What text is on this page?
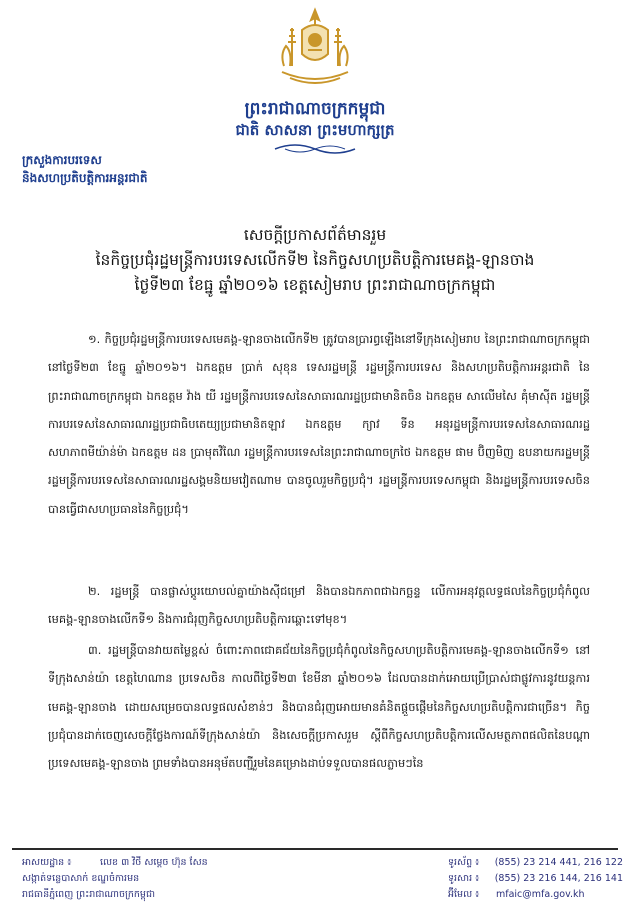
ព្រះរាជាណាចក្រកម្ពុជា
ជាតិ សាសនា ព្រះមហាក្សត្រ
ក្រសួងការបរទេស
និងសហប្រតិបត្តិការអន្តរជាតិ
សេចក្តីប្រកាសព័ត៌មានរួម
នៃកិច្ចប្រជុំរដ្ឋមន្ត្រីការបរទេសលើកទី២ នៃកិច្ចសហប្រតិបត្តិការមេគង្គ-ឡានចាង
ថ្ងៃទី២៣ ខែធ្នូ ឆ្នាំ២០១៦ ខេត្តសៀមរាប ព្រះរាជាណាចក្រកម្ពុជា

១. កិច្ចប្រជុំរដ្ឋមន្ត្រីការបរទេសមេគង្គ-ឡានចាងលើកទី២ ត្រូវបានប្រារព្ធឡើងនៅទីក្រុងសៀមរាប នៃព្រះរាជាណាចក្រកម្ពុជា នៅថ្ងៃទី២៣ ខែធ្នូ ឆ្នាំ២០១៦។ ឯកឧត្តម ប្រាក់ សុខុន ទេសរដ្ឋមន្ត្រី រដ្ឋមន្ត្រីការបរទេស និងសហប្រតិបត្តិការអន្តរជាតិ នៃព្រះរាជាណាចក្រកម្ពុជា ឯកឧត្តម វ៉ាង យី រដ្ឋមន្ត្រីការបរទេសនៃសាធារណរដ្ឋប្រជាមានិតចិន ឯកឧត្តម សាលើមសៃ គុំមាស៊ីត រដ្ឋមន្ត្រីការបរទេសនៃសាធារណរដ្ឋប្រជាធិបតេយ្យប្រជាមានិតឡាវ ឯកឧត្តម ក្យាវ ទីន អនុរដ្ឋមន្ត្រីការបរទេសនៃសាធារណរដ្ឋសហភាពមីយ៉ាន់ម៉ា ឯកឧត្តម ដន ប្រាមុតវិណៃ រដ្ឋមន្ត្រីការបរទេសនៃព្រះរាជាណាចក្រថៃ ឯកឧត្តម ផាម ប៊ិញមិញ ឧបនាយករដ្ឋមន្ត្រី រដ្ឋមន្ត្រីការបរទេសនៃសាធារណរដ្ឋសង្គមនិយមវៀតណាម បានចូលរួមកិច្ចប្រជុំ។ រដ្ឋមន្ត្រីការបរទេសកម្ពុជា និងរដ្ឋមន្ត្រីការបរទេសចិន បានធ្វើជាសហប្រធាននៃកិច្ចប្រជុំ។

២. រដ្ឋមន្ត្រី បានផ្លាស់ប្តូរយោបល់គ្នាយ៉ាងស៊ីជម្រៅ និងបានឯកភាពជាឯកច្ឆន្ទ លើការអនុវត្តលទ្ធផលនៃកិច្ចប្រជុំកំពូលមេគង្គ-ឡានចាងលើកទី១ និងការជំរុញកិច្ចសហប្រតិបត្តិការឆ្ពោះទៅមុខ។

៣. រដ្ឋមន្ត្រីបានវាយតម្លៃខ្ពស់ ចំពោះភាពជោគជ័យនៃកិច្ចប្រជុំកំពូលនៃកិច្ចសហប្រតិបត្តិការមេគង្គ-ឡានចាងលើកទី១ នៅទីក្រុងសាន់យ៉ា ខេត្តហៃណាន ប្រទេសចិន កាលពីថ្ងៃទី២៣ ខែមីនា ឆ្នាំ២០១៦ ដែលបានដាក់អោយប្រើប្រាស់ជាផ្លូវការនូវយន្តការមេគង្គ-ឡានចាង ដោយសម្រេចបានលទ្ធផលសំខាន់ៗ និងបានជំរុញអោយមានគំនិតផ្តួចផ្តើមនៃកិច្ចសហប្រតិបត្តិការជាច្រើន។ កិច្ចប្រជុំបានដាក់ចេញសេចក្តីថ្លែងការណ៍ទីក្រុងសាន់យ៉ា និងសេចក្តីប្រកាសរួម ស្តីពីកិច្ចសហប្រតិបត្តិការលើសមត្ថភាពផលិតនៃបណ្តាប្រទេសមេគង្គ-ឡានចាង ព្រមទាំងបានអនុម័តបញ្ជីរួមនៃគម្រោងដាប់ទទួលបានផលភ្លាមៗនៃ

អាសយដ្ឋាន ៖	លេខ ៣ វិថី សម្តេច ហ៊ុន សែន
សង្កាត់ទន្លេបាសាក់ ខណ្ឌចំការមន
រាជធានីភ្នំពេញ ព្រះរាជាណាចក្រកម្ពុជា
ទូរស័ព្ទ ៖	(855) 23 214 441, 216 122
ទូរសារ ៖	(855) 23 216 144, 216 141
អ៊ីមែល ៖	mfaic@mfa.gov.kh
